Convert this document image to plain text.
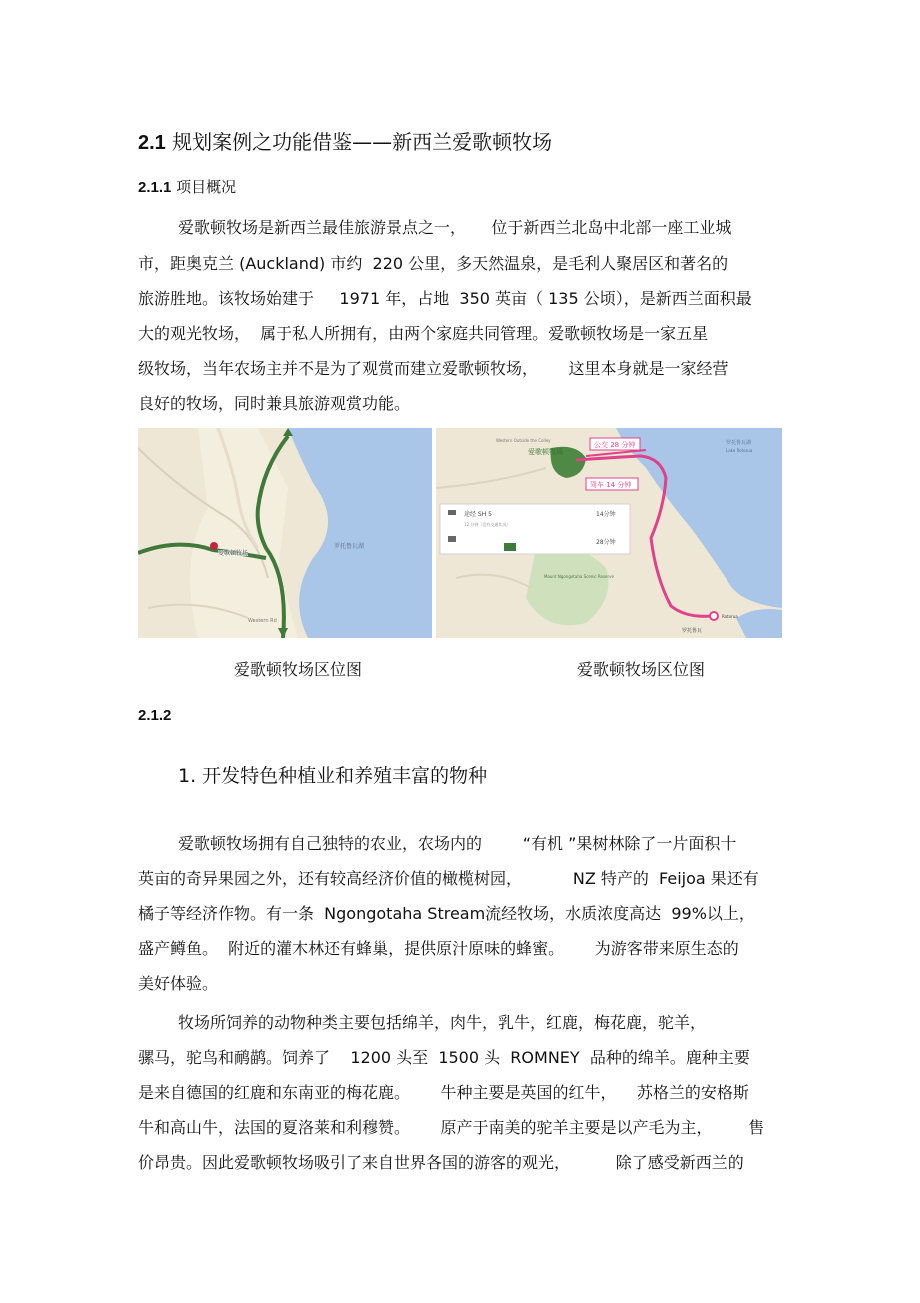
2.1 规划案例之功能借鉴——新西兰爱歌顿牧场
2.1.1 项目概况
爱歌顿牧场是新西兰最佳旅游景点之一，     位于新西兰北岛中北部一座工业城
市，距奥克兰 (Auckland) 市约  220 公里，多天然温泉，是毛利人聚居区和著名的
旅游胜地。该牧场始建于     1971 年，占地  350 英亩（ 135 公顷），是新西兰面积最
大的观光牧场，  属于私人所拥有，由两个家庭共同管理。爱歌顿牧场是一家五星
级牧场，当年农场主并不是为了观赏而建立爱歌顿牧场，      这里本身就是一家经营
良好的牧场，同时兼具旅游观赏功能。
爱歌顿牧场
罗托鲁瓦湖
Western Rd
公交 28 分钟
驾车 14 分钟
爱歌顿牧场
Western Outside the Colley
途经 SH 5	14分钟
12 分钟（没有交通状况）
28分钟
Mount Ngongotaha Scenic Reserve
罗托鲁瓦湖
Lake Rotorua
罗托鲁瓦
Rotorua
爱歌顿牧场区位图	爱歌顿牧场区位图
2.1.2
1. 开发特色种植业和养殖丰富的物种
爱歌顿牧场拥有自己独特的农业，农场内的        “有机 ”果树林除了一片面积十
英亩的奇异果园之外，还有较高经济价值的橄榄树园，          NZ 特产的  Feijoa 果还有
橘子等经济作物。有一条  Ngongotaha Stream流经牧场，水质浓度高达  99%以上，
盛产鳟鱼。  附近的灌木林还有蜂巢，提供原汁原味的蜂蜜。      为游客带来原生态的
美好体验。
牧场所饲养的动物种类主要包括绵羊，肉牛，乳牛，红鹿，梅花鹿，驼羊，
骡马，驼鸟和鸸鹋。饲养了    1200 头至  1500 头  ROMNEY  品种的绵羊。鹿种主要
是来自德国的红鹿和东南亚的梅花鹿。      牛种主要是英国的红牛，    苏格兰的安格斯
牛和高山牛，法国的夏洛莱和利穆赞。      原产于南美的驼羊主要是以产毛为主，       售
价昂贵。因此爱歌顿牧场吸引了来自世界各国的游客的观光，         除了感受新西兰的
